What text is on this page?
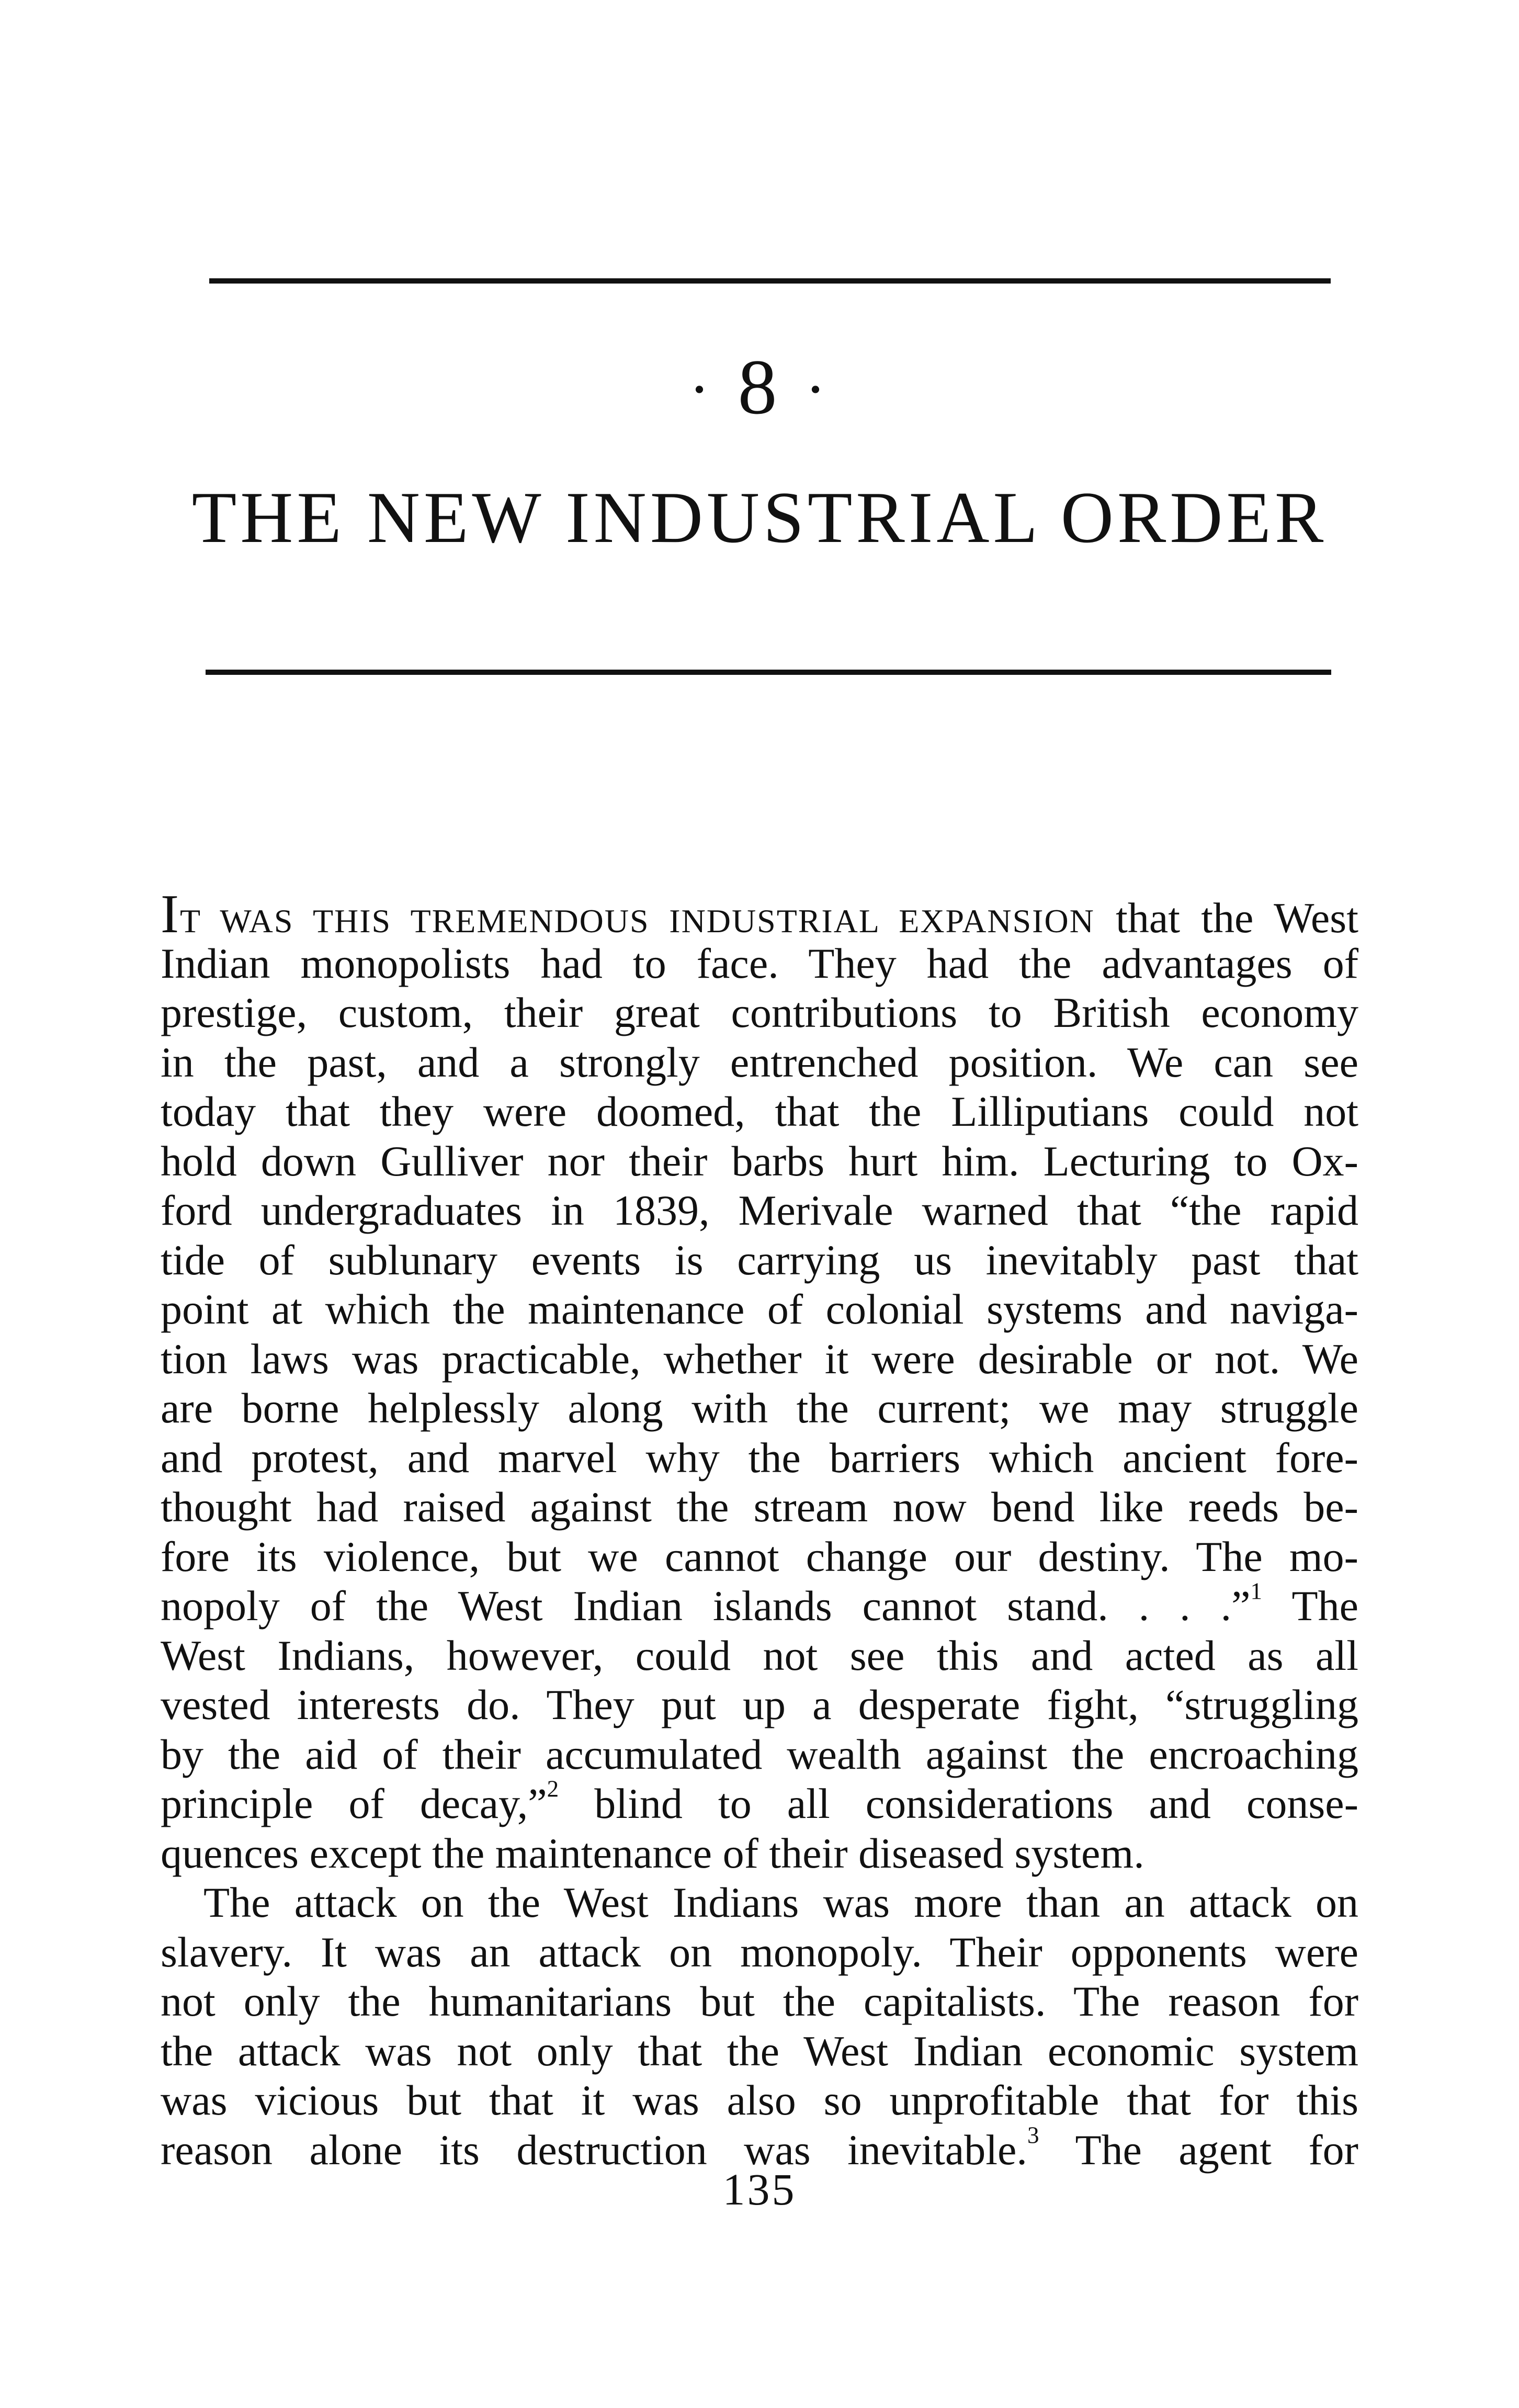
· 8 ·
THE NEW INDUSTRIAL ORDER
IT WAS THIS TREMENDOUS INDUSTRIAL EXPANSION that the West
Indian monopolists had to face. They had the advantages of
prestige, custom, their great contributions to British economy
in the past, and a strongly entrenched position. We can see
today that they were doomed, that the Lilliputians could not
hold down Gulliver nor their barbs hurt him. Lecturing to Ox-
ford undergraduates in 1839, Merivale warned that “the rapid
tide of sublunary events is carrying us inevitably past that
point at which the maintenance of colonial systems and naviga-
tion laws was practicable, whether it were desirable or not. We
are borne helplessly along with the current; we may struggle
and protest, and marvel why the barriers which ancient fore-
thought had raised against the stream now bend like reeds be-
fore its violence, but we cannot change our destiny. The mo-
nopoly of the West Indian islands cannot stand. . . .”$^1$ The
West Indians, however, could not see this and acted as all
vested interests do. They put up a desperate fight, “struggling
by the aid of their accumulated wealth against the encroaching
principle of decay,”$^2$ blind to all considerations and conse-
quences except the maintenance of their diseased system.
The attack on the West Indians was more than an attack on
slavery. It was an attack on monopoly. Their opponents were
not only the humanitarians but the capitalists. The reason for
the attack was not only that the West Indian economic system
was vicious but that it was also so unprofitable that for this
reason alone its destruction was inevitable.$^3$ The agent for
135
